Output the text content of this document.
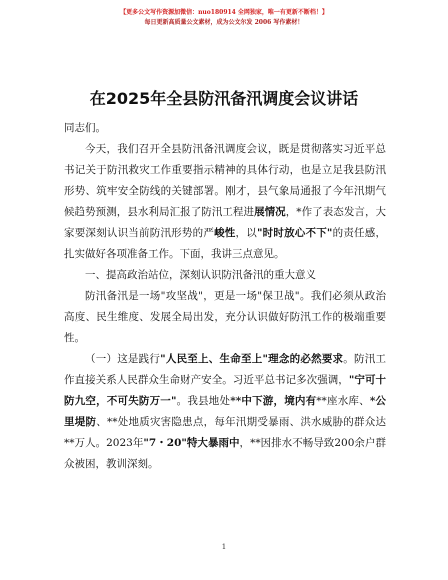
【更多公文写作资源加微信：nuo180914 全网独家，唯一有更新不断档！】
每日更新高质量公文素材，成为公文尔发 2006 写作素材！
在2025年全县防汛备汛调度会议讲话

同志们。

今天，我们召开全县防汛备汛调度会议，既是贯彻落实习近平总书记关于防汛救灾工作重要指示精神的具体行动，也是立足我县防汛形势、筑牢安全防线的关键部署。刚才，县气象局通报了今年汛期气候趋势预测，县水利局汇报了防汛工程进展情况，*作了表态发言，大家要深刻认识当前防汛形势的严峻性，以"时时放心不下"的责任感，扎实做好各项准备工作。下面，我讲三点意见。

一、提高政治站位，深刻认识防汛备汛的重大意义

防汛备汛是一场"攻坚战"，更是一场"保卫战"。我们必须从政治高度、民生维度、发展全局出发，充分认识做好防汛工作的极端重要性。

（一）这是践行"人民至上、生命至上"理念的必然要求。防汛工作直接关系人民群众生命财产安全。习近平总书记多次强调，"宁可十防九空，不可失防万一"。我县地处**中下游，境内有**座水库、*公里堤防、**处地质灾害隐患点，每年汛期受暴雨、洪水威胁的群众达**万人。2023年"7・20"特大暴雨中，**因排水不畅导致200余户群众被困，教训深刻。

1
